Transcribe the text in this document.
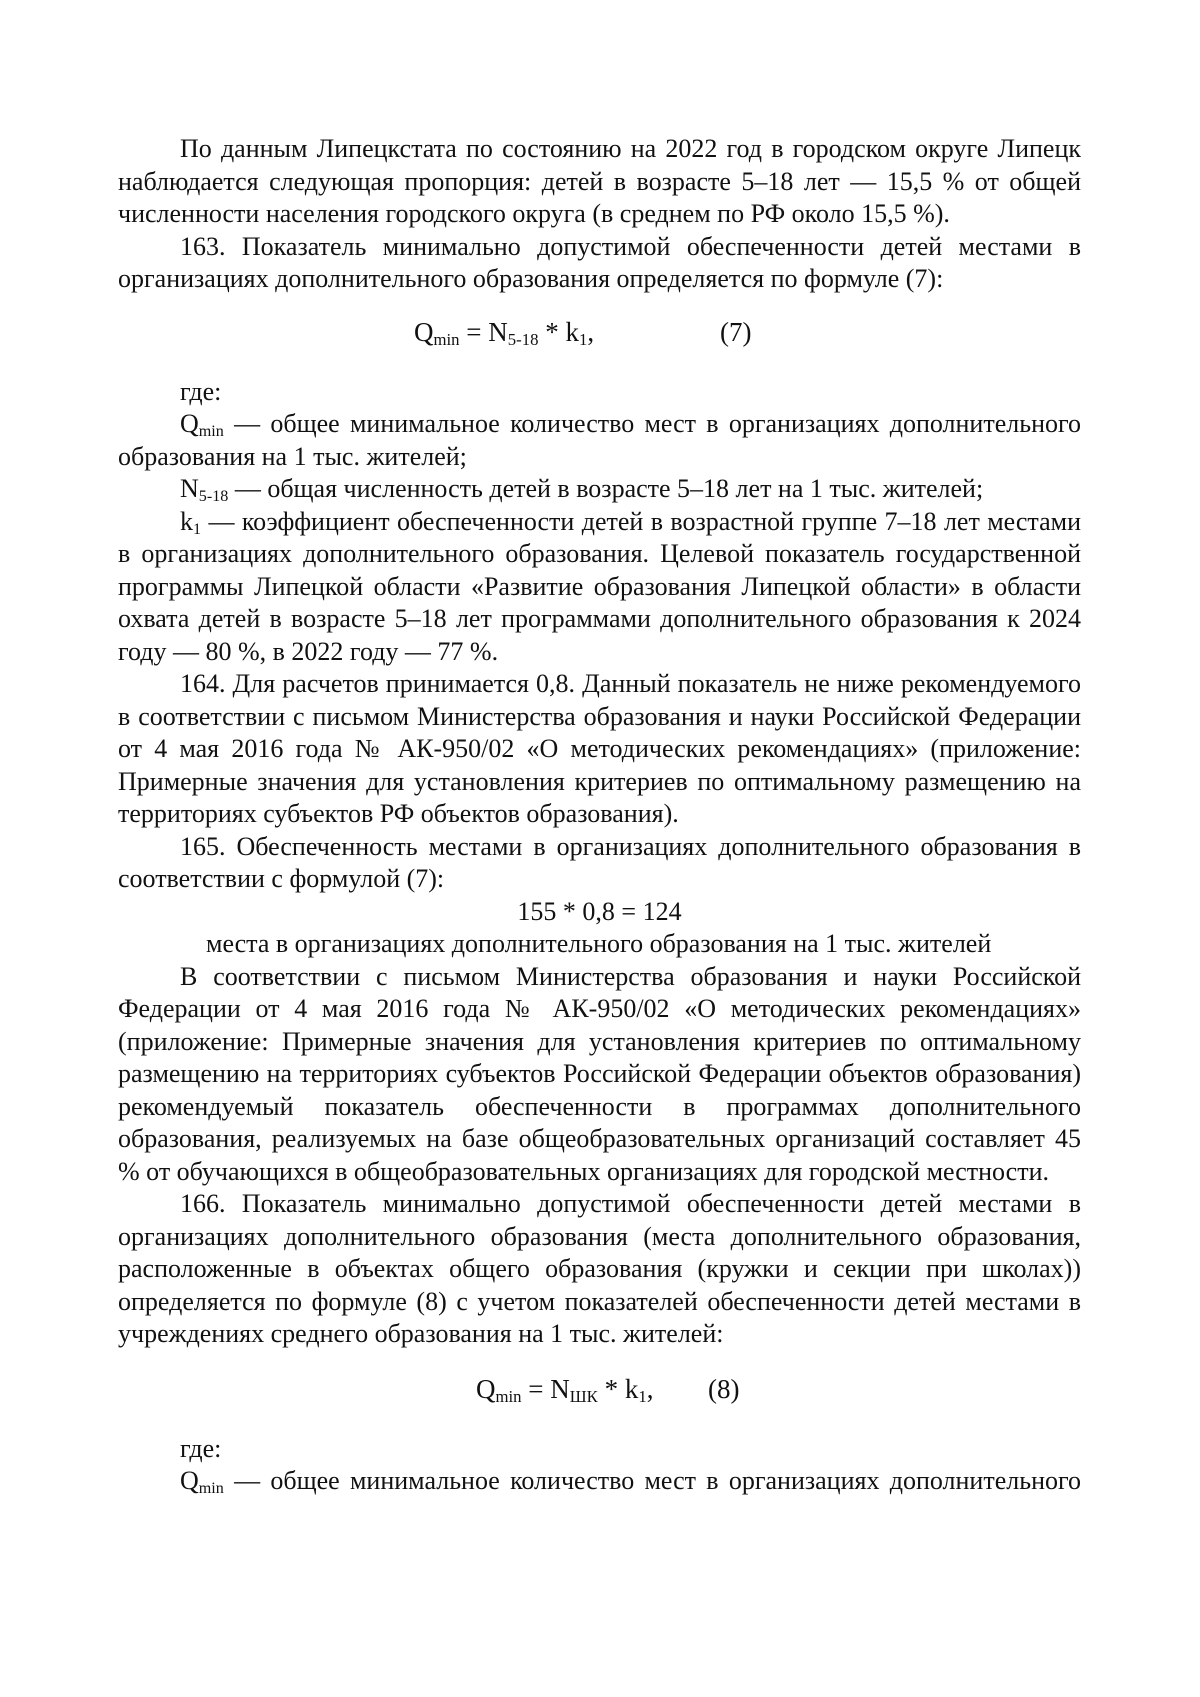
По данным Липецкстата по состоянию на 2022 год в городском округе Липецк наблюдается следующая пропорция: детей в возрасте 5–18 лет — 15,5 % от общей численности населения городского округа (в среднем по РФ около 15,5 %).

163. Показатель минимально допустимой обеспеченности детей местами в организациях дополнительного образования определяется по формуле (7):

$Q_{min} = N_{5-18} * k_1$,	(7)

где:

$Q_{min}$ — общее минимальное количество мест в организациях дополнительного образования на 1 тыс. жителей;

$N_{5-18}$ — общая численность детей в возрасте 5–18 лет на 1 тыс. жителей;

$k_1$ — коэффициент обеспеченности детей в возрастной группе 7–18 лет местами в организациях дополнительного образования. Целевой показатель государственной программы Липецкой области «Развитие образования Липецкой области» в области охвата детей в возрасте 5–18 лет программами дополнительного образования к 2024 году — 80 %, в 2022 году — 77 %.

164. Для расчетов принимается 0,8. Данный показатель не ниже рекомендуемого в соответствии с письмом Министерства образования и науки Российской Федерации от 4 мая 2016 года № АК-950/02 «О методических рекомендациях» (приложение: Примерные значения для установления критериев по оптимальному размещению на территориях субъектов РФ объектов образования).

165. Обеспеченность местами в организациях дополнительного образования в соответствии с формулой (7):

155 * 0,8 = 124

места в организациях дополнительного образования на 1 тыс. жителей

В соответствии с письмом Министерства образования и науки Российской Федерации от 4 мая 2016 года № АК-950/02 «О методических рекомендациях» (приложение: Примерные значения для установления критериев по оптимальному размещению на территориях субъектов Российской Федерации объектов образования) рекомендуемый показатель обеспеченности в программах дополнительного образования, реализуемых на базе общеобразовательных организаций составляет 45 % от обучающихся в общеобразовательных организациях для городской местности.

166. Показатель минимально допустимой обеспеченности детей местами в организациях дополнительного образования (места дополнительного образования, расположенные в объектах общего образования (кружки и секции при школах)) определяется по формуле (8) с учетом показателей обеспеченности детей местами в учреждениях среднего образования на 1 тыс. жителей:

$Q_{min} = N_{ШК} * k_1$, (8)

где:

$Q_{min}$ — общее минимальное количество мест в организациях дополнительного
